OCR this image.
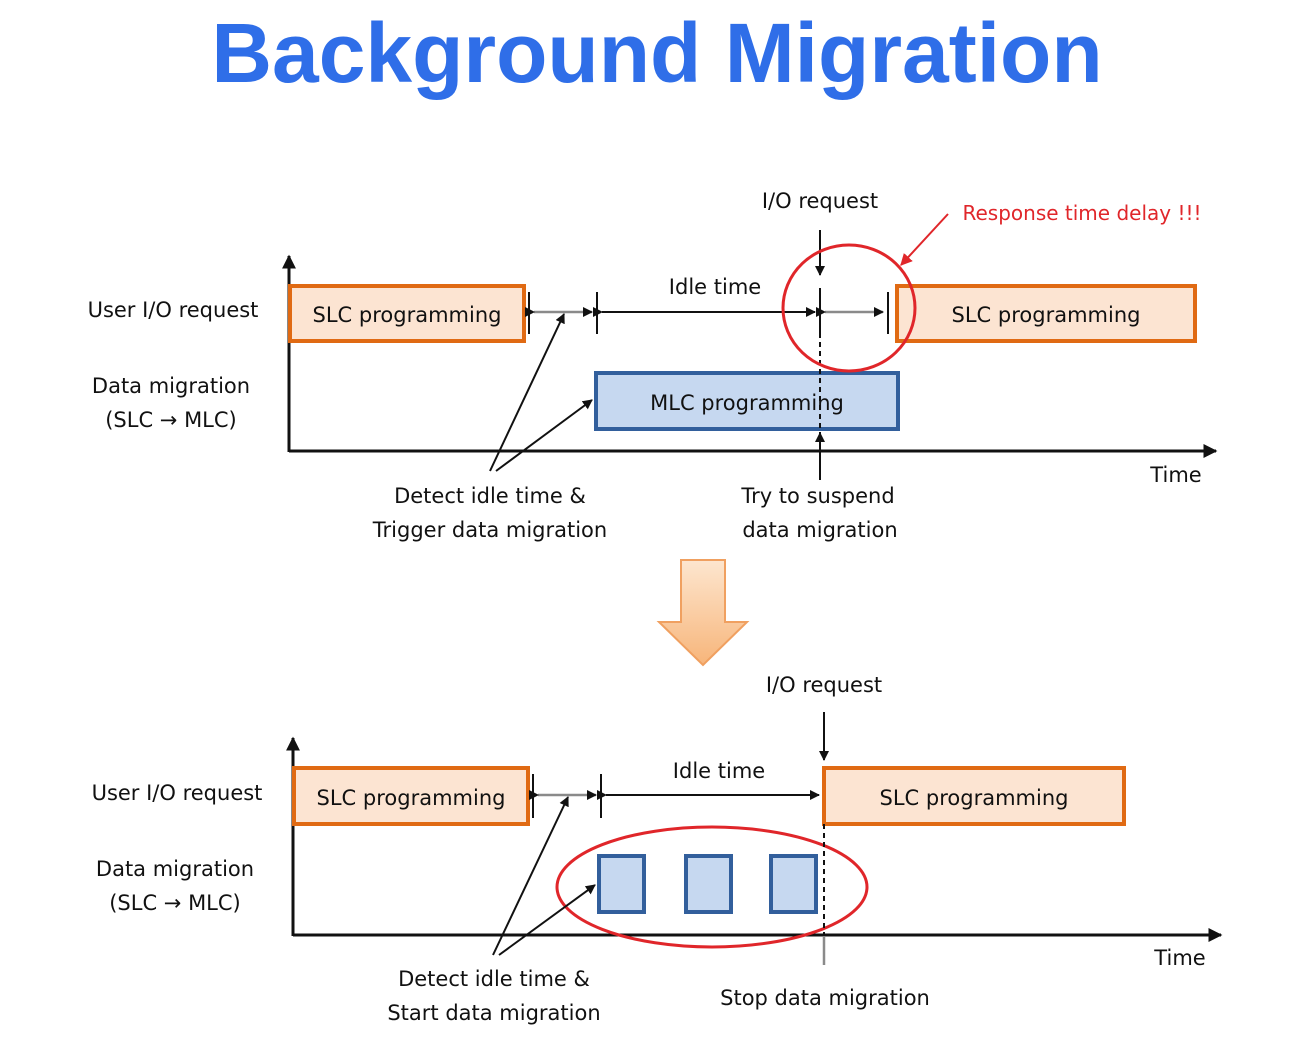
Background Migration
User I/O request
Data migration
(SLC → MLC)
SLC programming	SLC programming
MLC programming
Idle time
I/O request	Response time delay !!!
Time
Try to suspend
data migration
Detect idle time &
Trigger data migration
User I/O request
Data migration
(SLC → MLC)
SLC programming	SLC programming
Idle time
I/O request
Time
Stop data migration
Detect idle time &
Start data migration
